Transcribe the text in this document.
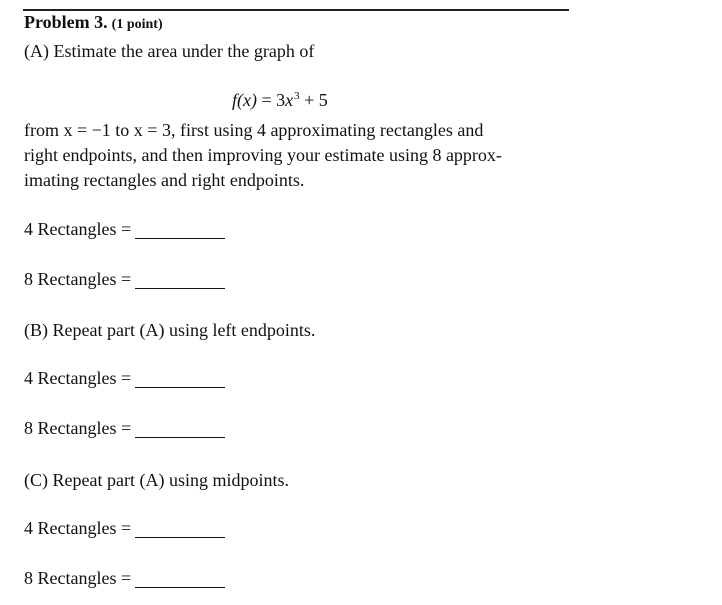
Problem 3. (1 point)
(A) Estimate the area under the graph of
$f(x) = 3x^3 + 5$
from x = −1 to x = 3, first using 4 approximating rectangles and
right endpoints, and then improving your estimate using 8 approx-
imating rectangles and right endpoints.
4 Rectangles =
8 Rectangles =
(B) Repeat part (A) using left endpoints.
4 Rectangles =
8 Rectangles =
(C) Repeat part (A) using midpoints.
4 Rectangles =
8 Rectangles =
